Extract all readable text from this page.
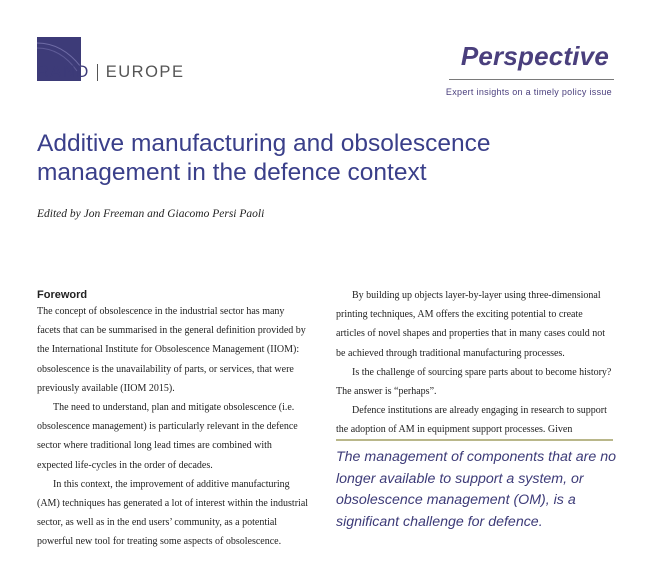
RAND EUROPE
Perspective
Expert insights on a timely policy issue
Additive manufacturing and obsolescence management in the defence context
Edited by Jon Freeman and Giacomo Persi Paoli
Foreword

The concept of obsolescence in the industrial sector has many facets that can be summarised in the general definition provided by the International Institute for Obsolescence Management (IIOM): obsolescence is the unavailability of parts, or services, that were previously available (IIOM 2015).

The need to understand, plan and mitigate obsolescence (i.e. obsolescence management) is particularly relevant in the defence sector where traditional long lead times are combined with expected life-cycles in the order of decades.

In this context, the improvement of additive manufacturing (AM) techniques has generated a lot of interest within the industrial sector, as well as in the end users’ community, as a potential powerful new tool for treating some aspects of obsolescence.

By building up objects layer-by-layer using three-dimensional printing techniques, AM offers the exciting potential to create articles of novel shapes and properties that in many cases could not be achieved through traditional manufacturing processes.

Is the challenge of sourcing spare parts about to become history? The answer is “perhaps”.

Defence institutions are already engaging in research to support the adoption of AM in equipment support processes. Given

The management of components that are no longer available to support a system, or obsolescence management (OM), is a significant challenge for defence.
